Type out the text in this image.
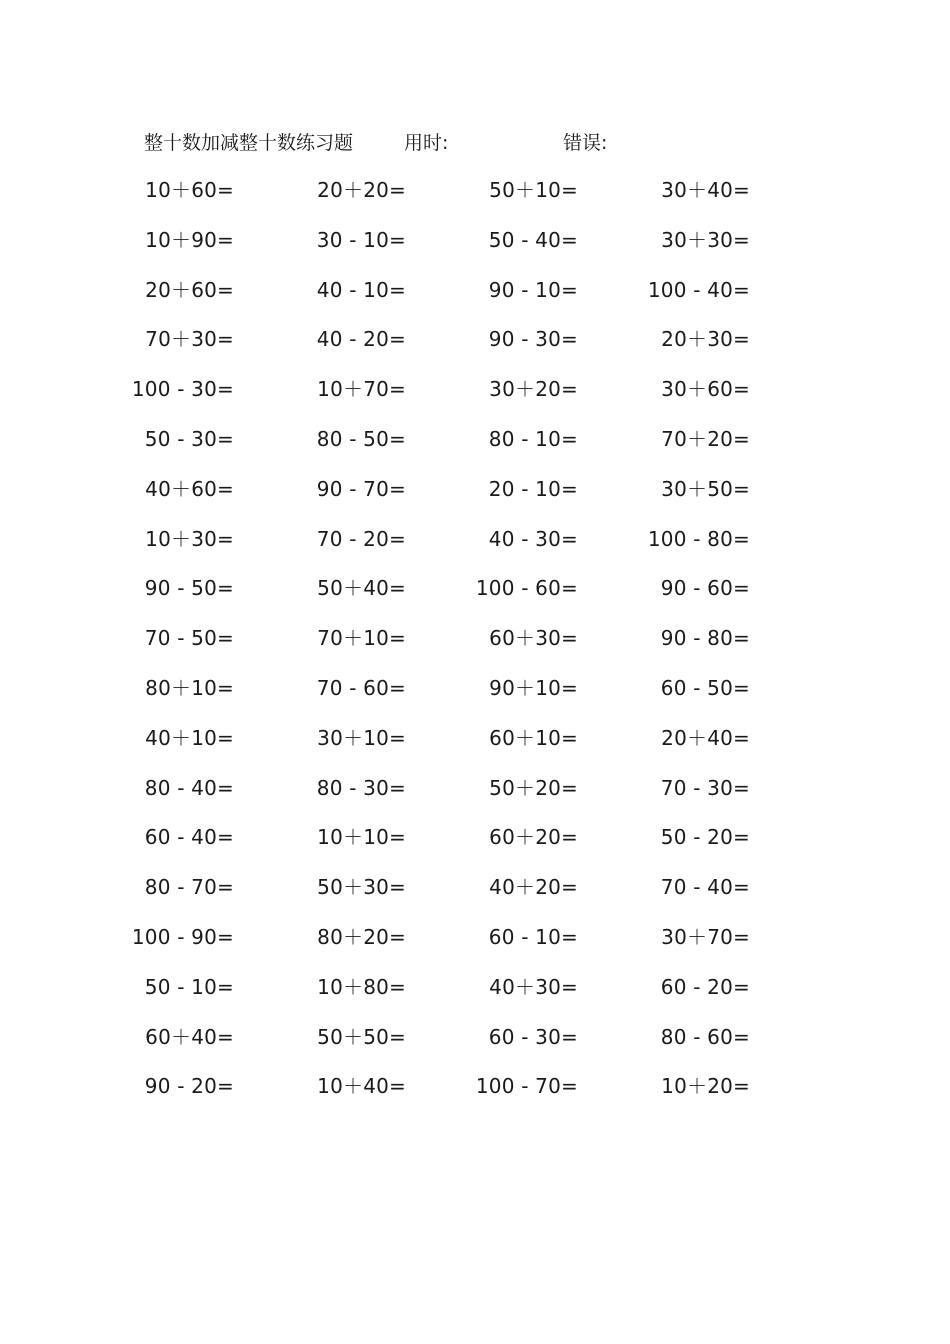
整十数加减整十数练习题	用时:	错误:
10＋60=	20＋20=	50＋10=	30＋40=
10＋90=	30 - 10=	50 - 40=	30＋30=
20＋60=	40 - 10=	90 - 10=	100 - 40=
70＋30=	40 - 20=	90 - 30=	20＋30=
100 - 30=	10＋70=	30＋20=	30＋60=
50 - 30=	80 - 50=	80 - 10=	70＋20=
40＋60=	90 - 70=	20 - 10=	30＋50=
10＋30=	70 - 20=	40 - 30=	100 - 80=
90 - 50=	50＋40=	100 - 60=	90 - 60=
70 - 50=	70＋10=	60＋30=	90 - 80=
80＋10=	70 - 60=	90＋10=	60 - 50=
40＋10=	30＋10=	60＋10=	20＋40=
80 - 40=	80 - 30=	50＋20=	70 - 30=
60 - 40=	10＋10=	60＋20=	50 - 20=
80 - 70=	50＋30=	40＋20=	70 - 40=
100 - 90=	80＋20=	60 - 10=	30＋70=
50 - 10=	10＋80=	40＋30=	60 - 20=
60＋40=	50＋50=	60 - 30=	80 - 60=
90 - 20=	10＋40=	100 - 70=	10＋20=
